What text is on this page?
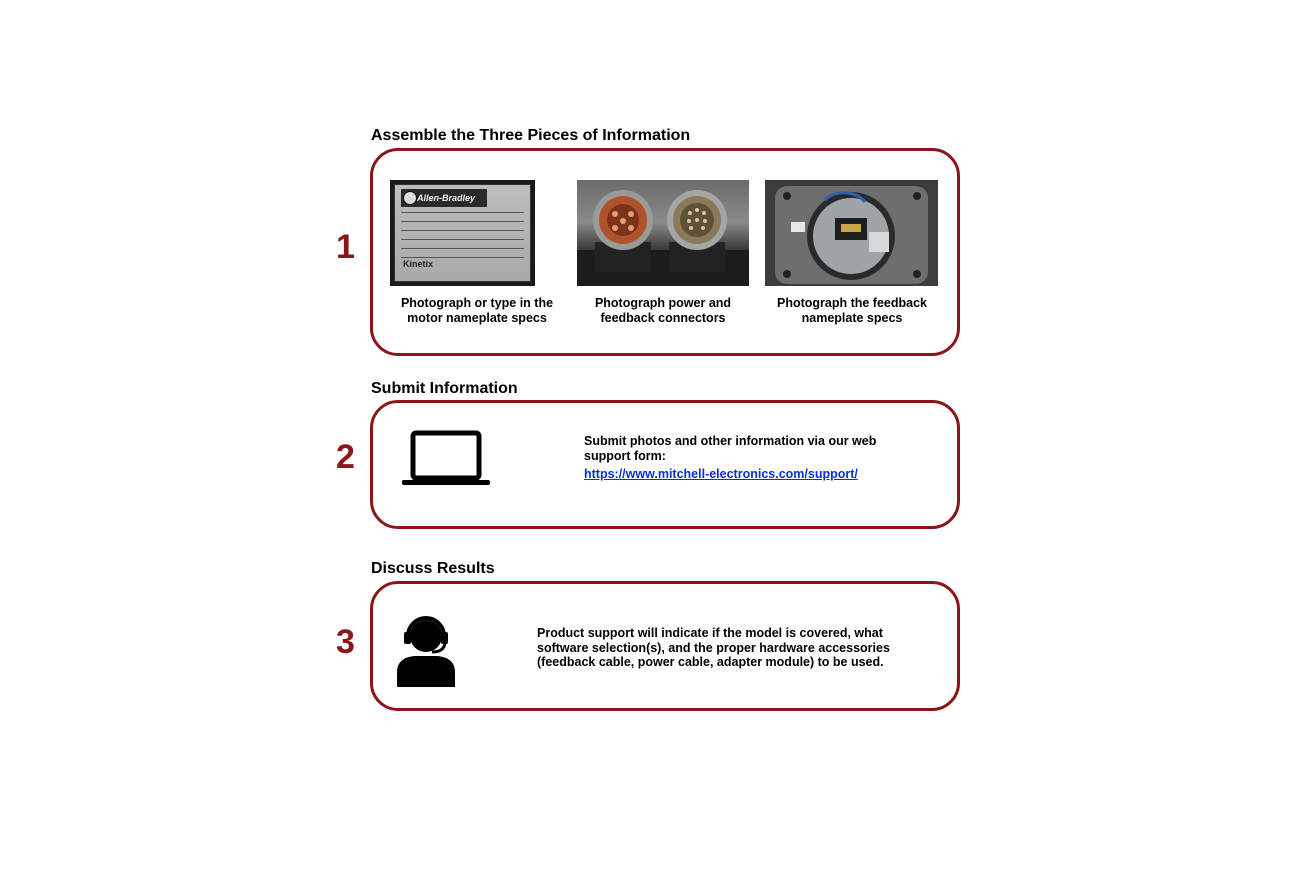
Assemble the Three Pieces of Information
1
Allen-Bradley
Kinetix
Photograph or type in the
motor nameplate specs
Photograph power and
feedback connectors
Photograph the feedback
nameplate specs
Submit Information
2	Submit photos and other information via our web
support form:
https://www.mitchell-electronics.com/support/
Discuss Results
3	Product support will indicate if the model is covered, what
software selection(s), and the proper hardware accessories
(feedback cable, power cable, adapter module) to be used.
